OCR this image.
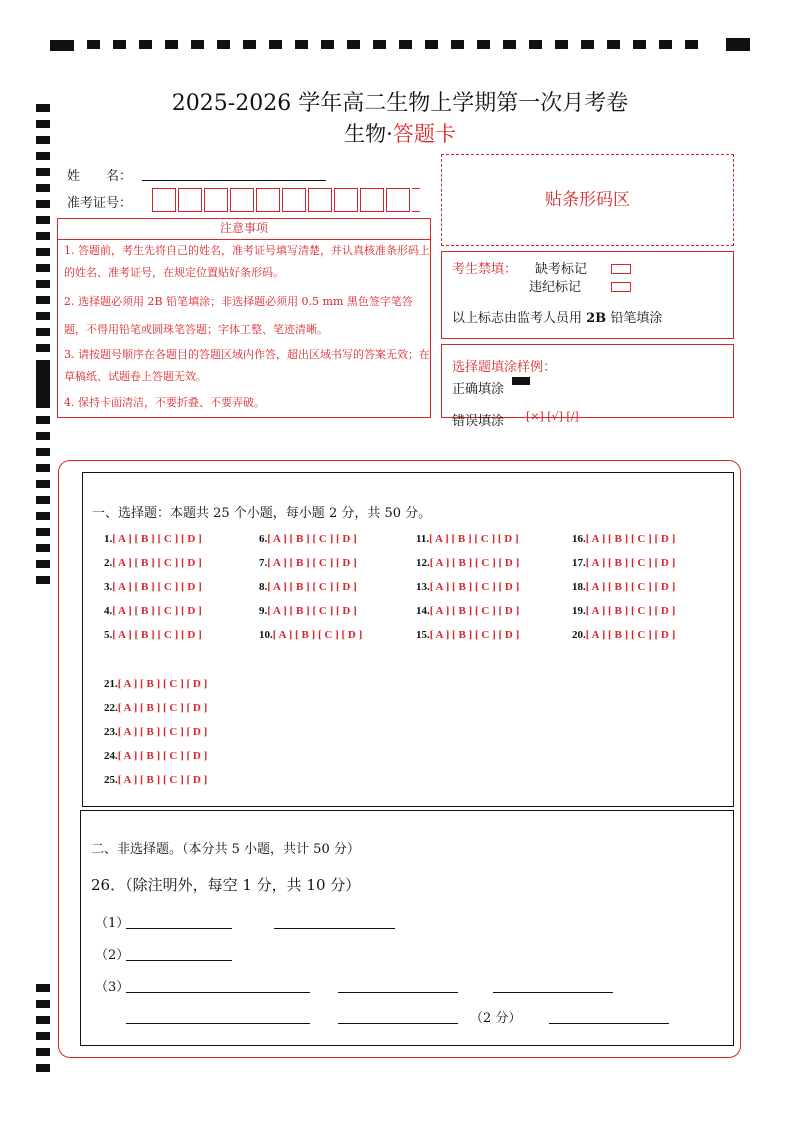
2025-2026 学年高二生物上学期第一次月考卷
生物·答题卡
姓　　名：
准考证号：	贴条形码区
注意事项
1. 答题前，考生先将自己的姓名，准考证号填写清楚，并认真核准条形码上的姓名、准考证号，在规定位置贴好条形码。
2. 选择题必须用 2B 铅笔填涂；非选择题必须用 0.5 mm 黑色签字笔答题，不得用铅笔或圆珠笔答题；字体工整、笔迹清晰。
3. 请按题号顺序在各题目的答题区域内作答，超出区域书写的答案无效；在草稿纸、试题卷上答题无效。
4. 保持卡面清洁，不要折叠、不要弄破。
考生禁填： 缺考标记
违纪标记
以上标志由监考人员用 2B 铅笔填涂
选择题填涂样例：
正确填涂
错误填涂 [×] [√] [/]
一、选择题：本题共 25 个小题，每小题 2 分，共 50 分。
1.[ A ] [ B ] [ C ] [ D ]
2.[ A ] [ B ] [ C ] [ D ]
3.[ A ] [ B ] [ C ] [ D ]
4.[ A ] [ B ] [ C ] [ D ]
5.[ A ] [ B ] [ C ] [ D ]
6.[ A ] [ B ] [ C ] [ D ]
7.[ A ] [ B ] [ C ] [ D ]
8.[ A ] [ B ] [ C ] [ D ]
9.[ A ] [ B ] [ C ] [ D ]
10.[ A ] [ B ] [ C ] [ D ]
11.[ A ] [ B ] [ C ] [ D ]
12.[ A ] [ B ] [ C ] [ D ]
13.[ A ] [ B ] [ C ] [ D ]
14.[ A ] [ B ] [ C ] [ D ]
15.[ A ] [ B ] [ C ] [ D ]
16.[ A ] [ B ] [ C ] [ D ]
17.[ A ] [ B ] [ C ] [ D ]
18.[ A ] [ B ] [ C ] [ D ]
19.[ A ] [ B ] [ C ] [ D ]
20.[ A ] [ B ] [ C ] [ D ]
21.[ A ] [ B ] [ C ] [ D ]
22.[ A ] [ B ] [ C ] [ D ]
23.[ A ] [ B ] [ C ] [ D ]
24.[ A ] [ B ] [ C ] [ D ]
25.[ A ] [ B ] [ C ] [ D ]
二、非选择题。（本分共 5 小题，共计 50 分）
26．（除注明外，每空 1 分，共 10 分）
（1）
（2）
（3）
（2 分）
